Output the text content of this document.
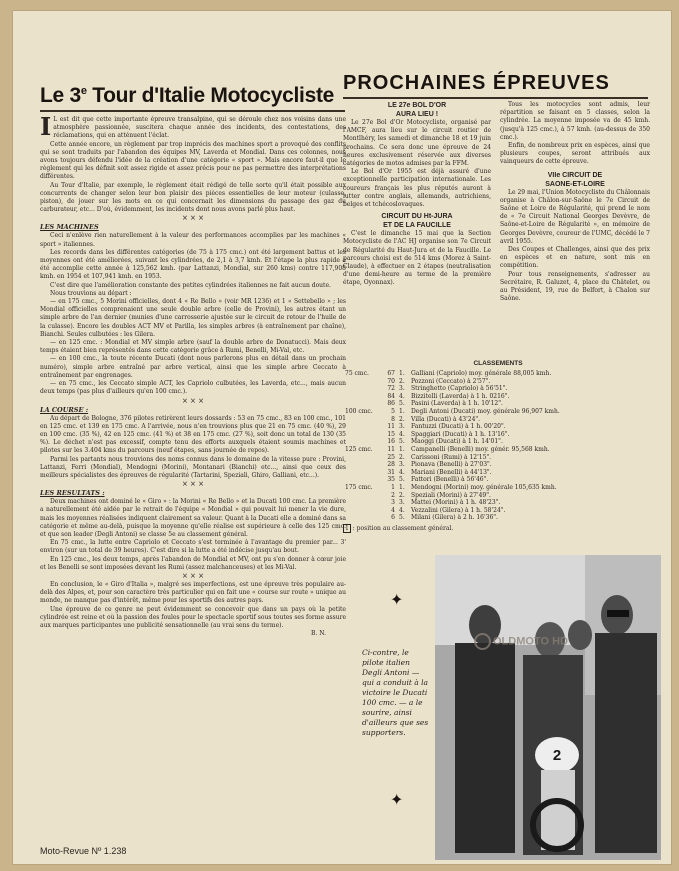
Le 3e Tour d'Italie Motocycliste
I L est dit que cette importante épreuve transalpine, qui se déroule chez nos voisins dans une atmosphère passionnée, suscitera chaque année des incidents, des contestations, des réclamations, qui en atténuent l'éclat.
Cette année encore, un règlement par trop imprécis des machines sport a provoqué des conflits qui se sont traduits par l'abandon des équipes MV, Laverda et Mondial. Dans ces colonnes, nous avons toujours défendu l'idée de la création d'une catégorie « sport ». Mais encore faut-il que le règlement qui les définit soit assez rigide et assez précis pour ne pas permettre des interprétations différentes.
Au Tour d'Italie, par exemple, le règlement était rédigé de telle sorte qu'il était possible aux concurrents de changer selon leur bon plaisir des pièces essentielles de leur moteur (culasse, piston), de jouer sur les mots en ce qui concernait les dimensions du passage des gaz du carburateur, etc... D'où, évidemment, les incidents dont nous avons parlé plus haut.
× × ×
LES MACHINES
Ceci n'enlève rien naturellement à la valeur des performances accomplies par les machines « sport » italiennes.
Les records dans les différentes catégories (de 75 à 175 cmc.) ont été largement battus et les moyennes ont été améliorées, suivant les cylindrées, de 2,1 à 3,7 kmh. Et l'étape la plus rapide a été accomplie cette année à 125,562 kmh. (par Lattanzi, Mondial, sur 260 kms) contre 117,908 kmh. en 1954 et 107,941 kmh. en 1953.
C'est dire que l'amélioration constante des petites cylindrées italiennes ne fait aucun doute.
Nous trouvions au départ :
— en 175 cmc., 5 Morini officielles, dont 4 « Re Bello » (voir MR 1236) et 1 « Settebello » ; les Mondial officielles comprenaient une seule double arbre (celle de Provini), les autres étant un simple arbre de l'an dernier (munies d'une carrosserie ajustée sur le circuit de retour de l'huile de la culasse). Encore les doubles ACT MV et Parilla, les simples arbres (à entraînement par chaîne), Bianchi. Seules culbutées : les Gilera.
— en 125 cmc. : Mondial et MV simple arbre (sauf la double arbre de Donatucci). Mais deux temps étaient bien représentés dans cette catégorie grâce à Rumi, Benelli, Mi-Val, etc.
— en 100 cmc., la toute récente Ducati (dont nous parlerons plus en détail dans un prochain numéro), simple arbre entraîné par arbre vertical, ainsi que les simple arbre Ceccato à entraînement par engrenages.
— en 75 cmc., les Ceccato simple ACT, les Capriolo culbutées, les Laverda, etc..., mais aucun deux temps (pas plus d'ailleurs qu'en 100 cmc.).
× × ×
LA COURSE :
Au départ de Bologne, 376 pilotes retirèrent leurs dossards : 53 en 75 cmc., 83 en 100 cmc., 101 en 125 cmc. et 139 en 175 cmc. A l'arrivée, nous n'en trouvions plus que 21 en 75 cmc. (40 %), 29 en 100 cmc. (35 %), 42 en 125 cmc. (41 %) et 38 en 175 cmc. (27 %), soit donc un total de 130 (35 %). Le déchet n'est pas excessif, compte tenu des efforts auxquels étaient soumis machines et pilotes sur les 3.404 kms du parcours (neuf étapes, sans journée de repos).
Parmi les partants nous trouvions des noms connus dans le domaine de la vitesse pure : Provini, Lattanzi, Ferri (Mondial), Mendogni (Morini), Montanari (Bianchi) etc..., ainsi que ceux des meilleurs spécialistes des épreuves de régularité (Tartarini, Speziali, Ghiro, Galliani, etc...).
× × ×
LES RESULTATS :
Deux machines ont dominé le « Giro » : la Morini « Re Bello » et la Ducati 100 cmc. La première a naturellement été aidée par le retrait de l'équipe « Mondial » qui pouvait lui mener la vie dure, mais les moyennes réalisées indiquent clairement sa valeur. Quant à la Ducati elle a dominé dans sa catégorie et même au-delà, puisque la moyenne qu'elle réalise est supérieure à celle des 125 cmc. et que son leader (Degli Antoni) se classe 5e au classement général.
En 75 cmc., la lutte entre Capriolo et Ceccato s'est terminée à l'avantage du premier par... 3' environ (sur un total de 39 heures). C'est dire si la lutte a été indécise jusqu'au bout.
En 125 cmc., les deux temps, après l'abandon de Mondial et MV, ont pu s'en donner à cœur joie et les Benelli se sont imposées devant les Rumi (assez malchanceuses) et les Mi-Val.
× × ×
En conclusion, le « Giro d'Italia », malgré ses imperfections, est une épreuve très populaire au-delà des Alpes, et, pour son caractère très particulier qui en fait une « course sur route » unique au monde, ne manque pas d'intérêt, même pour les sportifs des autres pays.
Une épreuve de ce genre ne peut évidemment se concevoir que dans un pays où la petite cylindrée est reine et où la passion des foules pour le spectacle sportif sous toutes ses forme assure aux marques participantes une publicité sensationnelle (au vrai sens du terme).
B. N.
PROCHAINES ÉPREUVES
LE 27e BOL D'OR
AURA LIEU !
Le 27e Bol d'Or Motocycliste, organisé par l'AMCF, aura lieu sur le circuit routier de Montlhéry, les samedi et dimanche 18 et 19 juin prochains. Ce sera donc une épreuve de 24 heures exclusivement réservée aux diverses catégories de motos admises par la FFM.
Le Bol d'Or 1955 est déjà assuré d'une exceptionnelle participation internationale. Les coureurs français les plus réputés auront à lutter contre anglais, allemands, autrichiens, belges et tchécoslovaques.
CIRCUIT DU Ht-JURA
ET DE LA FAUCILLE
C'est le dimanche 15 mai que la Section Motocycliste de l'AC HJ organise son 7e Circuit de Régularité du Haut-Jura et de la Faucille. Le parcours choisi est de 514 kms (Morez à Saint-Claude), à effectuer en 2 étapes (neutralisation d'une demi-heure au terme de la première étape, Oyonnax).
Tous les motocycles sont admis, leur répartition se faisant en 5 classes, selon la cylindrée. La moyenne imposée va de 45 kmh. (jusqu'à 125 cmc.), à 57 kmh. (au-dessus de 350 cmc.).
Enfin, de nombreux prix en espèces, ainsi que plusieurs coupes, seront attribués aux vainqueurs de cette épreuve.
VIIe CIRCUIT DE
SAONE-ET-LOIRE
Le 29 mai, l'Union Motocycliste du Châlonnais organise à Châlon-sur-Saône le 7e Circuit de Saône et Loire de Régularité, qui prend le nom de « 7e Circuit National Georges Devèvre, de Saône-et-Loire de Régularité », en mémoire de Georges Devèvre, coureur de l'UMC, décédé le 7 avril 1955.
Des Coupes et Challenges, ainsi que des prix en espèces et en nature, sont mis en compétition.
Pour tous renseignements, s'adresser au Secrétaire, R. Galuzet, 4, place du Châtelet, ou au Président, 19, rue de Belfort, à Chalon sur Saône.
CLASSEMENTS
75 cmc.	67	1.	Galliani (Capriolo) moy. générale 88,005 kmh.
	70	2.	Pozzoni (Ceccato) à 2'57".
	72	3.	Stringhetto (Capriolo) à 56'51".
	84	4.	Bizzitelli (Laverda) à 1 h. 0216".
	86	5.	Pasini (Laverda) à 1 h. 10'12".
100 cmc.	5	1.	Degli Antoni (Ducati) moy. générale 96,907 kmh.
	8	2.	Villa (Ducati) à 43'24".
	11	3.	Fantuzzi (Ducati) à 1 h. 00'20".
	15	4.	Spaggiari (Ducati) à 1 h. 13'16".
	16	5.	Maoggi (Ducati) à 1 h. 14'01".
125 cmc.	11	1.	Campanelli (Benelli) moy. génér. 95,568 kmh.
	25	2.	Carissoni (Rumi) à 12'15".
	28	3.	Pionava (Benelli) à 27'03".
	31	4.	Mariani (Benelli) à 44'13".
	35	5.	Fattori (Benelli) à 56'46".
175 cmc.	1	1.	Mendogni (Morini) moy. générale 105,635 kmh.
	2	2.	Speziali (Morini) à 27'49".
	3	3.	Mattei (Morini) à 1 h. 48'23".
	4	4.	Vezzalini (Gilera) à 1 h. 58'24".
	6	5.	Milani (Gilera) à 2 h. 16'36".
1 : position au classement général.
2
✦
✦
Ci-contre, le pilote italien Degli Antoni — qui a conduit à la victoire le Ducati 100 cmc. — a le sourire, ainsi d'ailleurs que ses supporters.
OLDMOTO HD
Moto-Revue Nº 1.238
